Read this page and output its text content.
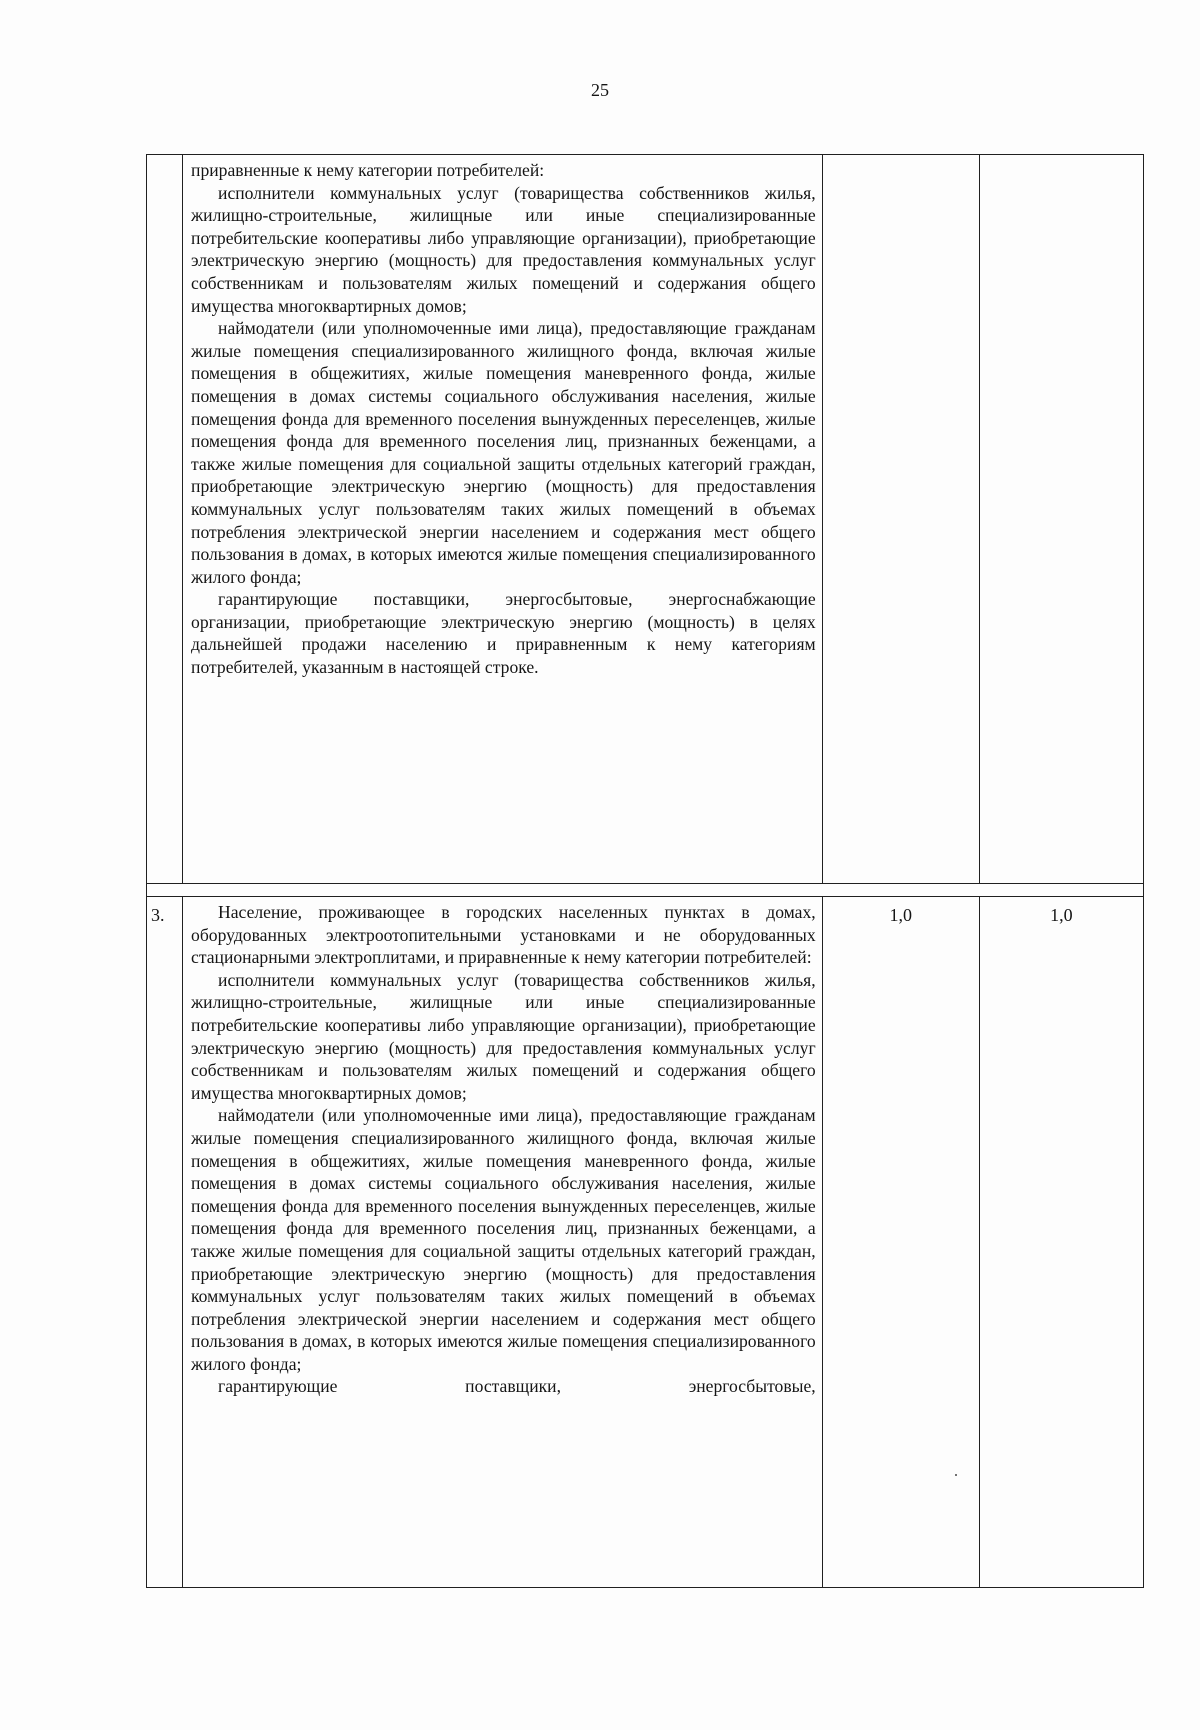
25

	приравненные к нему категории потребителей:

исполнители коммунальных услуг (товарищества собственников жилья, жилищно-строительные, жилищные или иные специализированные потребительские кооперативы либо управляющие организации), приобретающие электрическую энергию (мощность) для предоставления коммунальных услуг собственникам и пользователям жилых помещений и содержания общего имущества многоквартирных домов;

наймодатели (или уполномоченные ими лица), предоставляющие гражданам жилые помещения специализированного жилищного фонда, включая жилые помещения в общежитиях, жилые помещения маневренного фонда, жилые помещения в домах системы социального обслуживания населения, жилые помещения фонда для временного поселения вынужденных переселенцев, жилые помещения фонда для временного поселения лиц, признанных беженцами, а также жилые помещения для социальной защиты отдельных категорий граждан, приобретающие электрическую энергию (мощность) для предоставления коммунальных услуг пользователям таких жилых помещений в объемах потребления электрической энергии населением и содержания мест общего пользования в домах, в которых имеются жилые помещения специализированного жилого фонда;

гарантирующие поставщики, энергосбытовые, энергоснабжающие организации, приобретающие электрическую энергию (мощность) в целях дальнейшей продажи населению и приравненным к нему категориям потребителей, указанным в настоящей строке.		

3.	Население, проживающее в городских населенных пунктах в домах, оборудованных электроотопительными установками и не оборудованных стационарными электроплитами, и приравненные к нему категории потребителей:

исполнители коммунальных услуг (товарищества собственников жилья, жилищно-строительные, жилищные или иные специализированные потребительские кооперативы либо управляющие организации), приобретающие электрическую энергию (мощность) для предоставления коммунальных услуг собственникам и пользователям жилых помещений и содержания общего имущества многоквартирных домов;

наймодатели (или уполномоченные ими лица), предоставляющие гражданам жилые помещения специализированного жилищного фонда, включая жилые помещения в общежитиях, жилые помещения маневренного фонда, жилые помещения в домах системы социального обслуживания населения, жилые помещения фонда для временного поселения вынужденных переселенцев, жилые помещения фонда для временного поселения лиц, признанных беженцами, а также жилые помещения для социальной защиты отдельных категорий граждан, приобретающие электрическую энергию (мощность) для предоставления коммунальных услуг пользователям таких жилых помещений в объемах потребления электрической энергии населением и содержания мест общего пользования в домах, в которых имеются жилые помещения специализированного жилого фонда;

гарантирующие поставщики, энергосбытовые,	1,0	1,0
